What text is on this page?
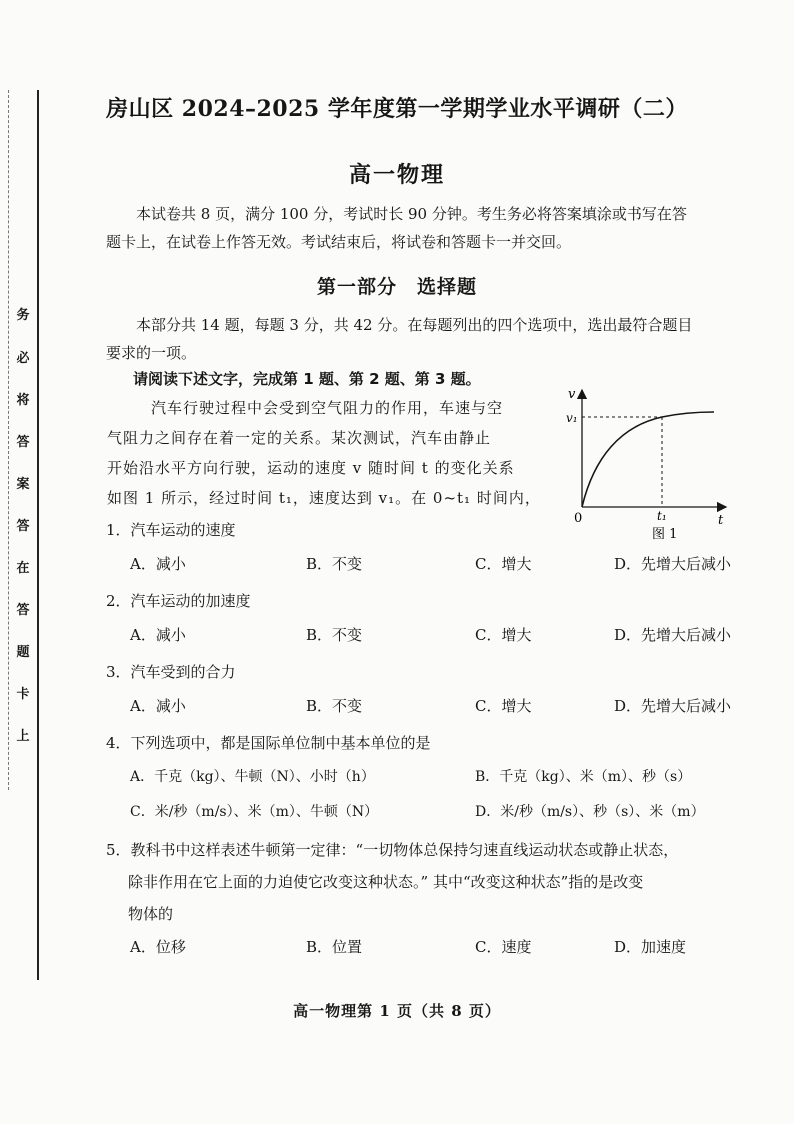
务
必
将
答
案
答
在
答
题
卡
上
房山区 2024–2025 学年度第一学期学业水平调研（二）
高一物理
本试卷共 8 页，满分 100 分，考试时长 90 分钟。考生务必将答案填涂或书写在答
题卡上，在试卷上作答无效。考试结束后，将试卷和答题卡一并交回。
第一部分　选择题
本部分共 14 题，每题 3 分，共 42 分。在每题列出的四个选项中，选出最符合题目
要求的一项。
请阅读下述文字，完成第 1 题、第 2 题、第 3 题。
汽车行驶过程中会受到空气阻力的作用，车速与空
气阻力之间存在着一定的关系。某次测试，汽车由静止
开始沿水平方向行驶，运动的速度 v 随时间 t 的变化关系
如图 1 所示，经过时间 t₁，速度达到 v₁。在 0~t₁ 时间内，
v
t
0
v₁
t₁
图 1
1．汽车运动的速度
A．减小	B．不变	C．增大	D．先增大后减小
2．汽车运动的加速度
A．减小	B．不变	C．增大	D．先增大后减小
3．汽车受到的合力
A．减小	B．不变	C．增大	D．先增大后减小
4．下列选项中，都是国际单位制中基本单位的是
A．千克（kg）、牛顿（N）、小时（h）	B．千克（kg）、米（m）、秒（s）
C．米/秒（m/s）、米（m）、牛顿（N）	D．米/秒（m/s）、秒（s）、米（m）
5．教科书中这样表述牛顿第一定律：“一切物体总保持匀速直线运动状态或静止状态，
除非作用在它上面的力迫使它改变这种状态。” 其中“改变这种状态”指的是改变
物体的
A．位移	B．位置	C．速度	D．加速度
高一物理第 1 页（共 8 页）
